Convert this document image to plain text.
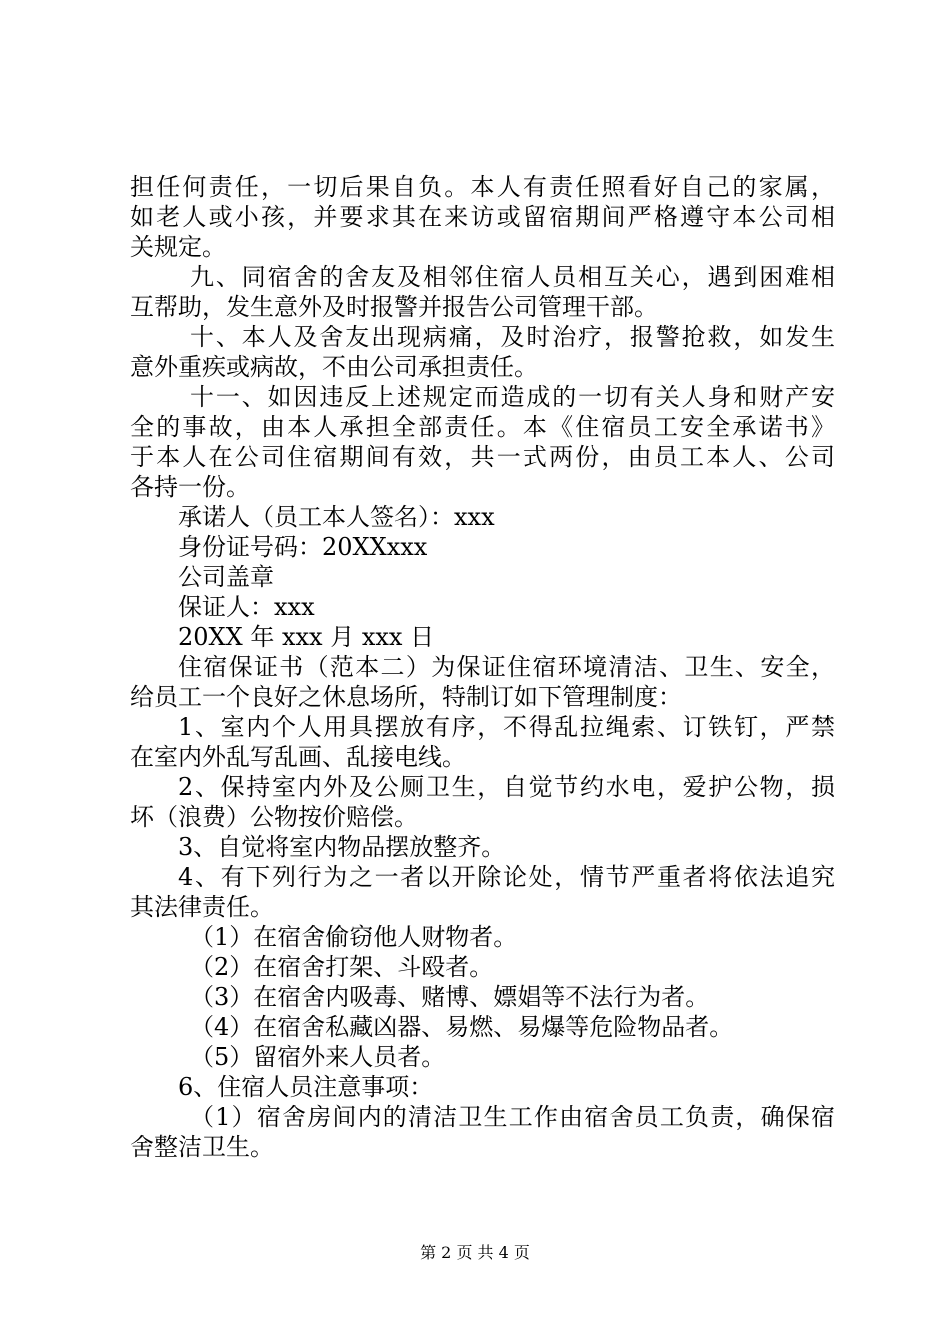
担任何责任，一切后果自负。本人有责任照看好自己的家属，
如老人或小孩，并要求其在来访或留宿期间严格遵守本公司相
关规定。
九、同宿舍的舍友及相邻住宿人员相互关心，遇到困难相
互帮助，发生意外及时报警并报告公司管理干部。
十、本人及舍友出现病痛，及时治疗，报警抢救，如发生
意外重疾或病故，不由公司承担责任。
十一、如因违反上述规定而造成的一切有关人身和财产安
全的事故，由本人承担全部责任。本《住宿员工安全承诺书》
于本人在公司住宿期间有效，共一式两份，由员工本人、公司
各持一份。
承诺人（员工本人签名）：xxx
身份证号码：20XXxxx
公司盖章
保证人：xxx
20XX 年 xxx 月 xxx 日
住宿保证书（范本二）为保证住宿环境清洁、卫生、安全，
给员工一个良好之休息场所，特制订如下管理制度：
1、室内个人用具摆放有序，不得乱拉绳索、订铁钉，严禁
在室内外乱写乱画、乱接电线。
2、保持室内外及公厕卫生，自觉节约水电，爱护公物，损
坏（浪费）公物按价赔偿。
3、自觉将室内物品摆放整齐。
4、有下列行为之一者以开除论处，情节严重者将依法追究
其法律责任。
（1）在宿舍偷窃他人财物者。
（2）在宿舍打架、斗殴者。
（3）在宿舍内吸毒、赌博、嫖娼等不法行为者。
（4）在宿舍私藏凶器、易燃、易爆等危险物品者。
（5）留宿外来人员者。
6、住宿人员注意事项：
（1）宿舍房间内的清洁卫生工作由宿舍员工负责，确保宿
舍整洁卫生。
第 2 页 共 4 页
